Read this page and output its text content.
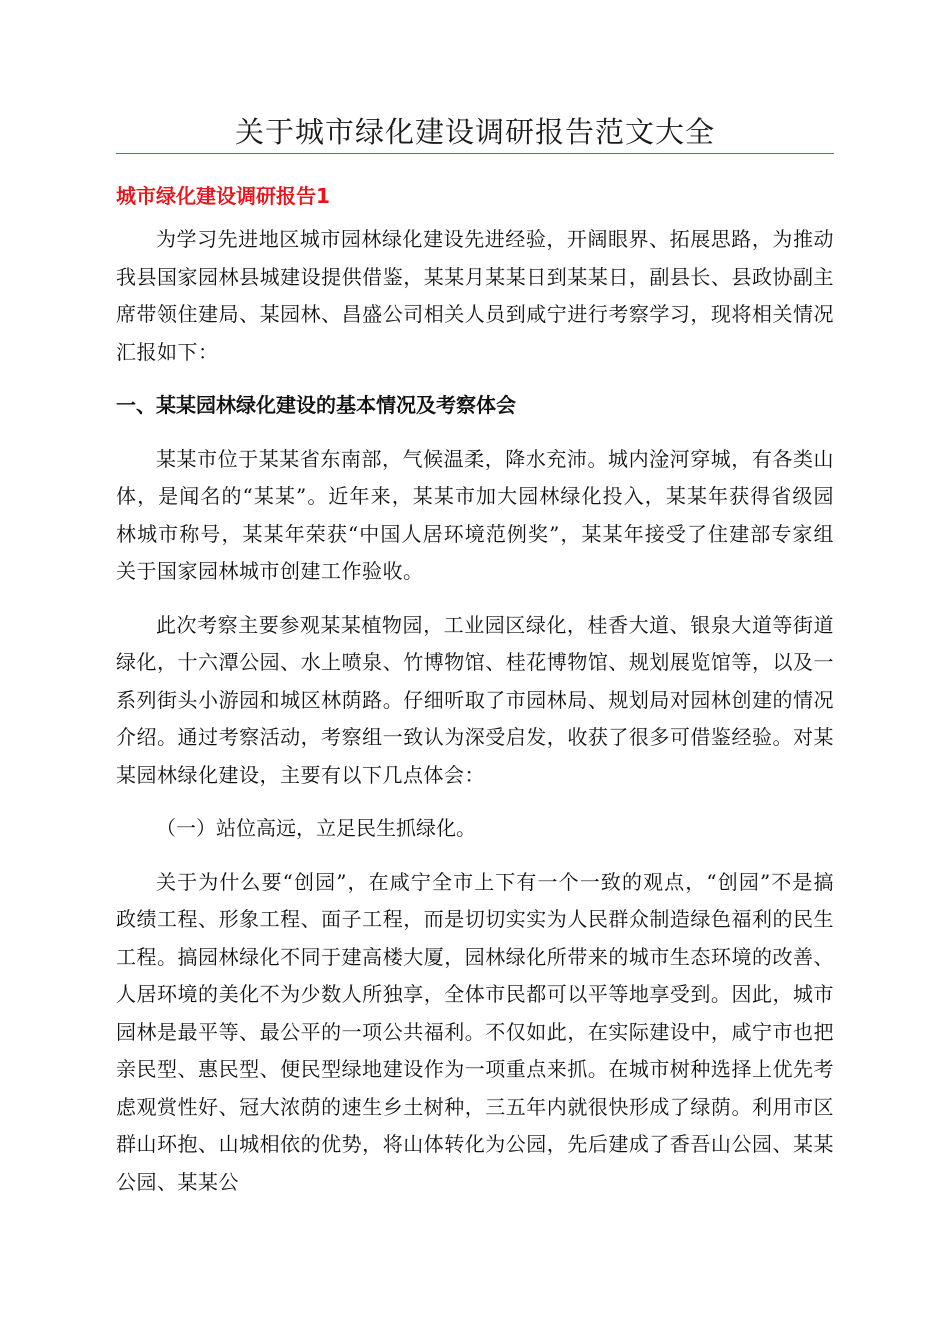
关于城市绿化建设调研报告范文大全
城市绿化建设调研报告1

为学习先进地区城市园林绿化建设先进经验，开阔眼界、拓展思路，为推动我县国家园林县城建设提供借鉴，某某月某某日到某某日，副县长、县政协副主席带领住建局、某园林、昌盛公司相关人员到咸宁进行考察学习，现将相关情况汇报如下：

一、某某园林绿化建设的基本情况及考察体会

某某市位于某某省东南部，气候温柔，降水充沛。城内淦河穿城，有各类山体，是闻名的“某某”。近年来，某某市加大园林绿化投入，某某年获得省级园林城市称号，某某年荣获“中国人居环境范例奖”，某某年接受了住建部专家组关于国家园林城市创建工作验收。

此次考察主要参观某某植物园，工业园区绿化，桂香大道、银泉大道等街道绿化，十六潭公园、水上喷泉、竹博物馆、桂花博物馆、规划展览馆等，以及一系列街头小游园和城区林荫路。仔细听取了市园林局、规划局对园林创建的情况介绍。通过考察活动，考察组一致认为深受启发，收获了很多可借鉴经验。对某某园林绿化建设，主要有以下几点体会：

（一）站位高远，立足民生抓绿化。

关于为什么要“创园”，在咸宁全市上下有一个一致的观点，“创园”不是搞政绩工程、形象工程、面子工程，而是切切实实为人民群众制造绿色福利的民生工程。搞园林绿化不同于建高楼大厦，园林绿化所带来的城市生态环境的改善、人居环境的美化不为少数人所独享，全体市民都可以平等地享受到。因此，城市园林是最平等、最公平的一项公共福利。不仅如此，在实际建设中，咸宁市也把亲民型、惠民型、便民型绿地建设作为一项重点来抓。在城市树种选择上优先考虑观赏性好、冠大浓荫的速生乡土树种，三五年内就很快形成了绿荫。利用市区群山环抱、山城相依的优势，将山体转化为公园，先后建成了香吾山公园、某某公园、某某公
